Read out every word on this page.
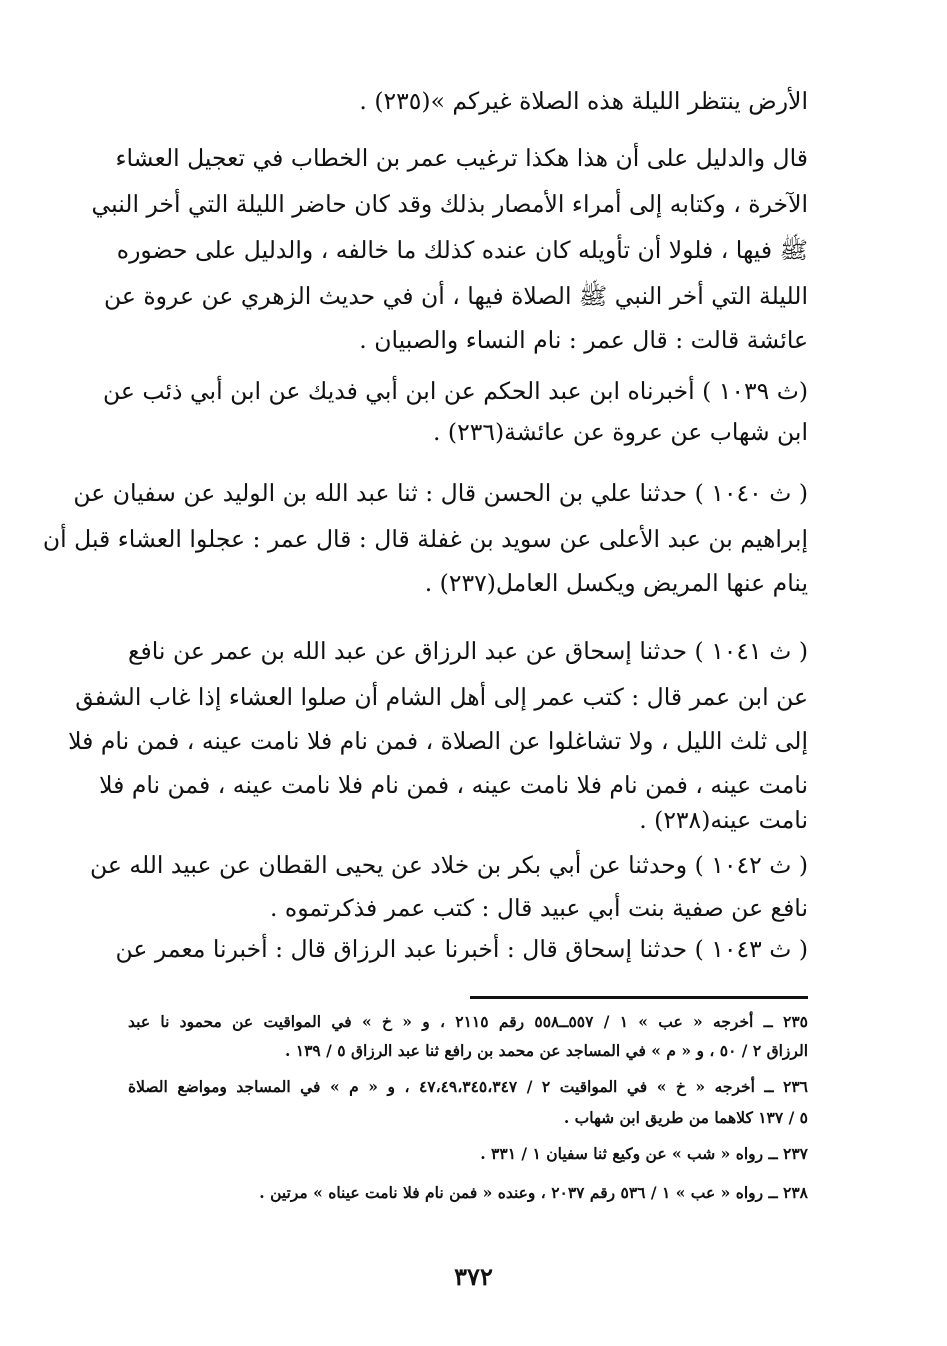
الأرض ينتظر الليلة هذه الصلاة غيركم »(٢٣٥) .
قال والدليل على أن هذا هكذا ترغيب عمر بن الخطاب في تعجيل العشاء
الآخرة ، وكتابه إلى أمراء الأمصار بذلك وقد كان حاضر الليلة التي أخر النبي
ﷺ فيها ، فلولا أن تأويله كان عنده كذلك ما خالفه ، والدليل على حضوره
الليلة التي أخر النبي ﷺ الصلاة فيها ، أن في حديث الزهري عن عروة عن
عائشة قالت : قال عمر : نام النساء والصبيان .
(ث ١٠٣٩ ) أخبرناه ابن عبد الحكم عن ابن أبي فديك عن ابن أبي ذئب عن
ابن شهاب عن عروة عن عائشة(٢٣٦) .
( ث ١٠٤٠ ) حدثنا علي بن الحسن قال : ثنا عبد الله بن الوليد عن سفيان عن
إبراهيم بن عبد الأعلى عن سويد بن غفلة قال : قال عمر : عجلوا العشاء قبل أن
ينام عنها المريض ويكسل العامل(٢٣٧) .
( ث ١٠٤١ ) حدثنا إسحاق عن عبد الرزاق عن عبد الله بن عمر عن نافع
عن ابن عمر قال : كتب عمر إلى أهل الشام أن صلوا العشاء إذا غاب الشفق
إلى ثلث الليل ، ولا تشاغلوا عن الصلاة ، فمن نام فلا نامت عينه ، فمن نام فلا
نامت عينه ، فمن نام فلا نامت عينه ، فمن نام فلا نامت عينه ، فمن نام فلا
نامت عينه(٢٣٨) .
( ث ١٠٤٢ ) وحدثنا عن أبي بكر بن خلاد عن يحيى القطان عن عبيد الله عن
نافع عن صفية بنت أبي عبيد قال : كتب عمر فذكرتموه .
( ث ١٠٤٣ ) حدثنا إسحاق قال : أخبرنا عبد الرزاق قال : أخبرنا معمر عن
٢٣٥ ــ أخرجه « عب » ١ / ٥٥٧ــ٥٥٨ رقم ٢١١٥ ، و « خ » في المواقيت عن محمود نا عبد
الرزاق ٢ / ٥٠ ، و « م » في المساجد عن محمد بن رافع ثنا عبد الرزاق ٥ / ١٣٩ .
٢٣٦ ــ أخرجه « خ » في المواقيت ٢ / ٤٧،٤٩،٣٤٥،٣٤٧ ، و « م » في المساجد ومواضع الصلاة
٥ / ١٣٧ كلاهما من طريق ابن شهاب .
٢٣٧ ــ رواه « شب » عن وكيع ثنا سفيان ١ / ٣٣١ .
٢٣٨ ــ رواه « عب » ١ / ٥٣٦ رقم ٢٠٣٧ ، وعنده « فمن نام فلا نامت عيناه » مرتين .
٣٧٢
